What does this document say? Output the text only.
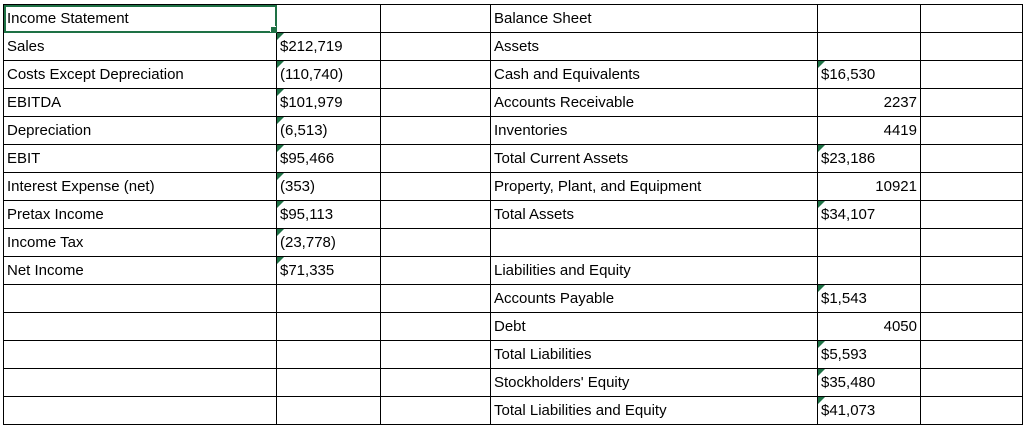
Income Statement			Balance Sheet		
Sales	$212,719		Assets		
Costs Except Depreciation	(110,740)		Cash and Equivalents	$16,530	
EBITDA	$101,979		Accounts Receivable	2237	
Depreciation	(6,513)		Inventories	4419	
EBIT	$95,466		Total Current Assets	$23,186	
Interest Expense (net)	(353)		Property, Plant, and Equipment	10921	
Pretax Income	$95,113		Total Assets	$34,107	
Income Tax	(23,778)				
Net Income	$71,335		Liabilities and Equity		
			Accounts Payable	$1,543	
			Debt	4050	
			Total Liabilities	$5,593	
			Stockholders' Equity	$35,480	
			Total Liabilities and Equity	$41,073	
